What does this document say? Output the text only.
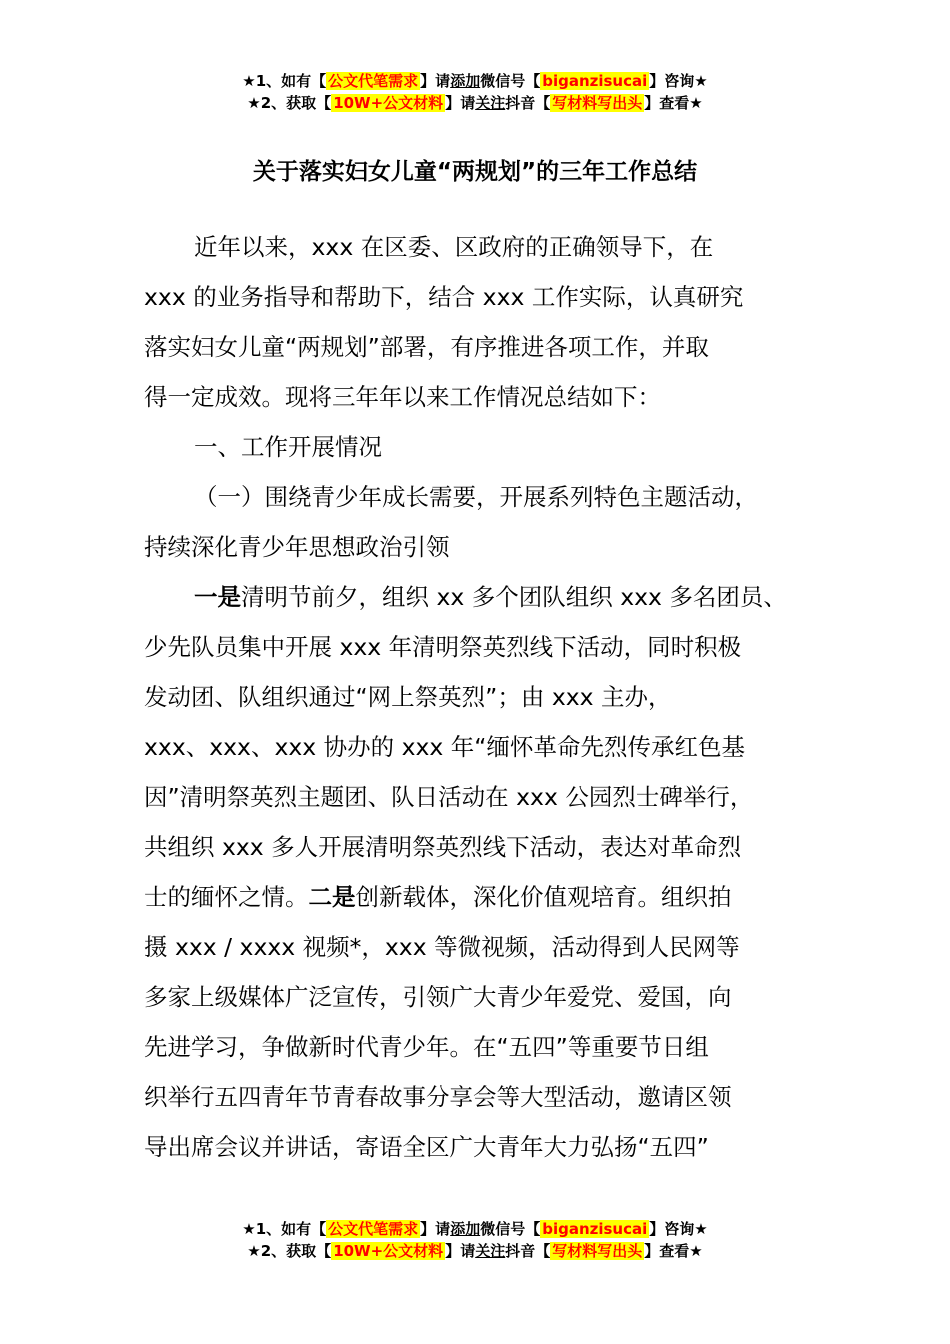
★1、如有【 公文代笔需求 】请添加微信号【 biganzisucai 】咨询★
★2、获取【 10W+公文材料 】请关注抖音【 写材料写出头 】查看★
关于落实妇女儿童“两规划”的三年工作总结

近年以来，xxx 在区委、区政府的正确领导下，在

xxx 的业务指导和帮助下，结合 xxx 工作实际，认真研究

落实妇女儿童“两规划”部署，有序推进各项工作，并取

得一定成效。现将三年年以来工作情况总结如下：

一、工作开展情况

（一）围绕青少年成长需要，开展系列特色主题活动，

持续深化青少年思想政治引领

一是清明节前夕，组织 xx 多个团队组织 xxx 多名团员、

少先队员集中开展 xxx 年清明祭英烈线下活动，同时积极

发动团、队组织通过“网上祭英烈”；由 xxx 主办，

xxx、xxx、xxx 协办的 xxx 年“缅怀革命先烈传承红色基

因”清明祭英烈主题团、队日活动在 xxx 公园烈士碑举行，

共组织 xxx 多人开展清明祭英烈线下活动，表达对革命烈

士的缅怀之情。二是创新载体，深化价值观培育。组织拍

摄 xxx / xxxx 视频*，xxx 等微视频，活动得到人民网等

多家上级媒体广泛宣传，引领广大青少年爱党、爱国，向

先进学习，争做新时代青少年。在“五四”等重要节日组

织举行五四青年节青春故事分享会等大型活动，邀请区领

导出席会议并讲话，寄语全区广大青年大力弘扬“五四”

★1、如有【 公文代笔需求 】请添加微信号【 biganzisucai 】咨询★
★2、获取【 10W+公文材料 】请关注抖音【 写材料写出头 】查看★
